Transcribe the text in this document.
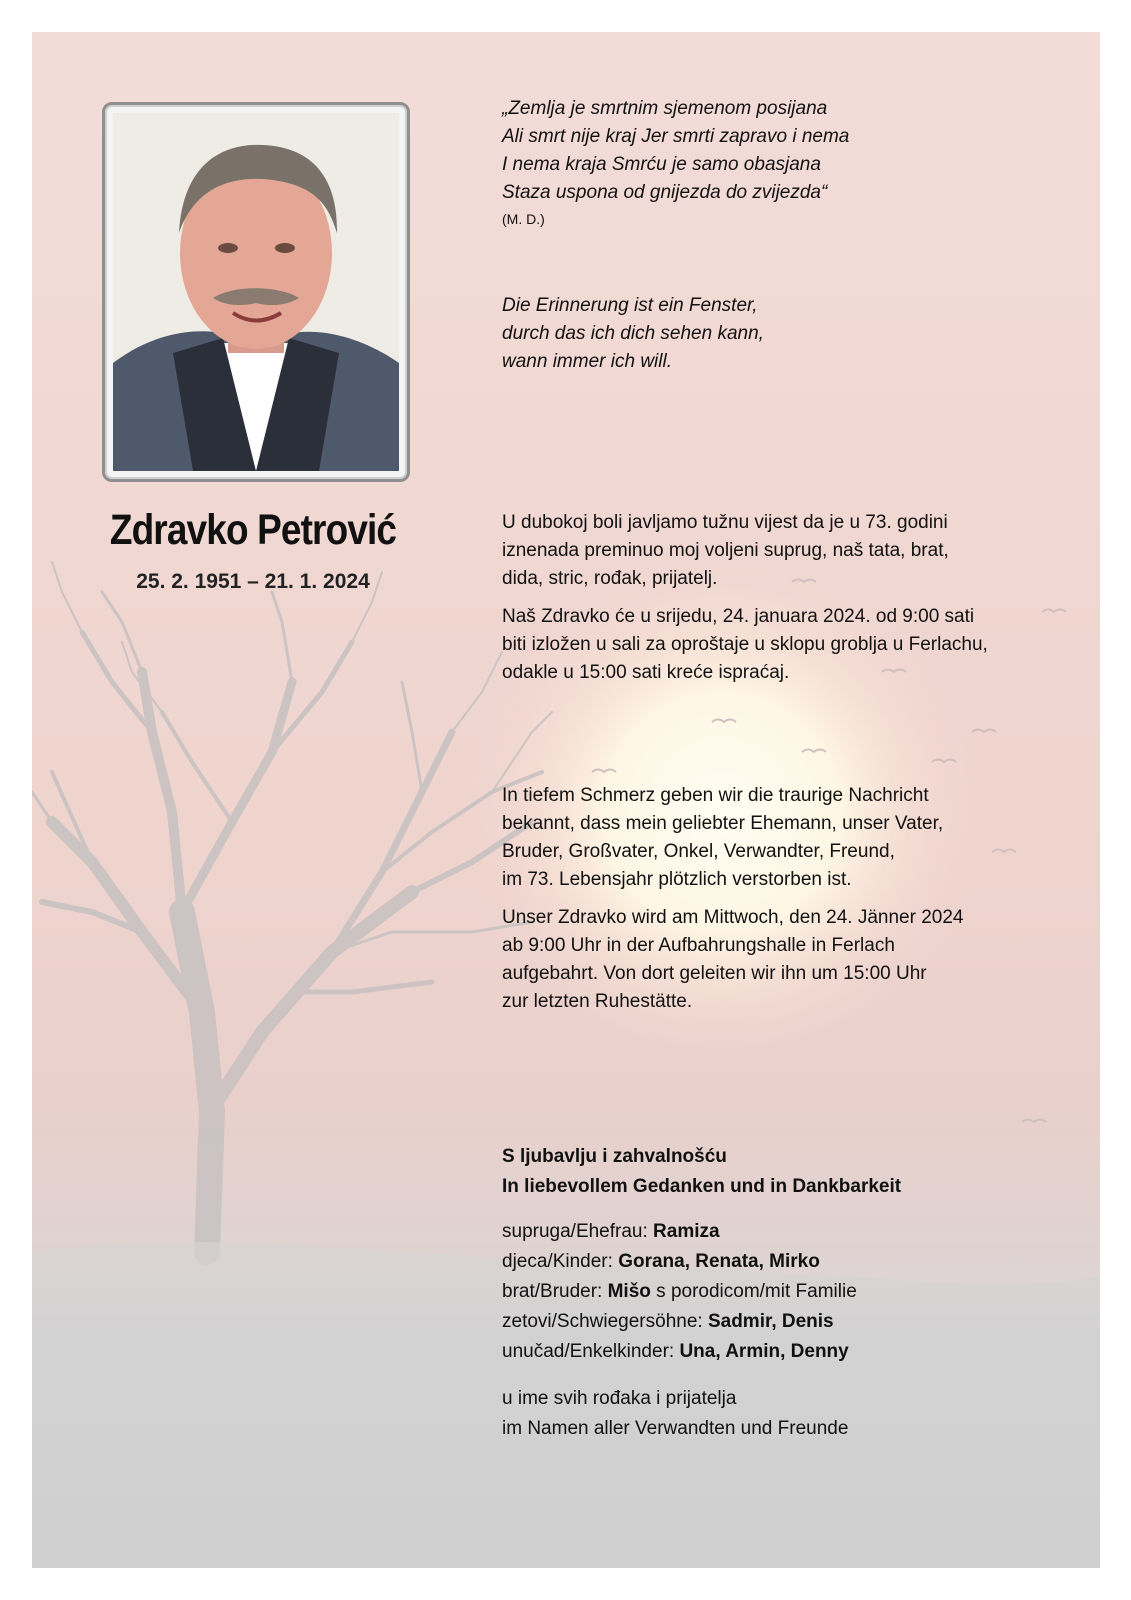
Zdravko Petrović
25. 2. 1951 – 21. 1. 2024

„Zemlja je smrtnim sjemenom posijana

Ali smrt nije kraj Jer smrti zapravo i nema

I nema kraja Smrću je samo obasjana

Staza uspona od gnijezda do zvijezda“

(M. D.)

Die Erinnerung ist ein Fenster,

durch das ich dich sehen kann,

wann immer ich will.

U dubokoj boli javljamo tužnu vijest da je u 73. godini

iznenada preminuo moj voljeni suprug, naš tata, brat,

dida, stric, rođak, prijatelj.

Naš Zdravko će u srijedu, 24. januara 2024. od 9:00 sati

biti izložen u sali za oproštaje u sklopu groblja u Ferlachu,

odakle u 15:00 sati kreće ispraćaj.

In tiefem Schmerz geben wir die traurige Nachricht

bekannt, dass mein geliebter Ehemann, unser Vater,

Bruder, Großvater, Onkel, Verwandter, Freund,

im 73. Lebensjahr plötzlich verstorben ist.

Unser Zdravko wird am Mittwoch, den 24. Jänner 2024

ab 9:00 Uhr in der Aufbahrungshalle in Ferlach

aufgebahrt. Von dort geleiten wir ihn um 15:00 Uhr

zur letzten Ruhestätte.

S ljubavlju i zahvalnošću

In liebevollem Gedanken und in Dankbarkeit

supruga/Ehefrau: Ramiza

djeca/Kinder: Gorana, Renata, Mirko

brat/Bruder: Mišo s porodicom/mit Familie

zetovi/Schwiegersöhne: Sadmir, Denis

unučad/Enkelkinder: Una, Armin, Denny

u ime svih rođaka i prijatelja

im Namen aller Verwandten und Freunde
